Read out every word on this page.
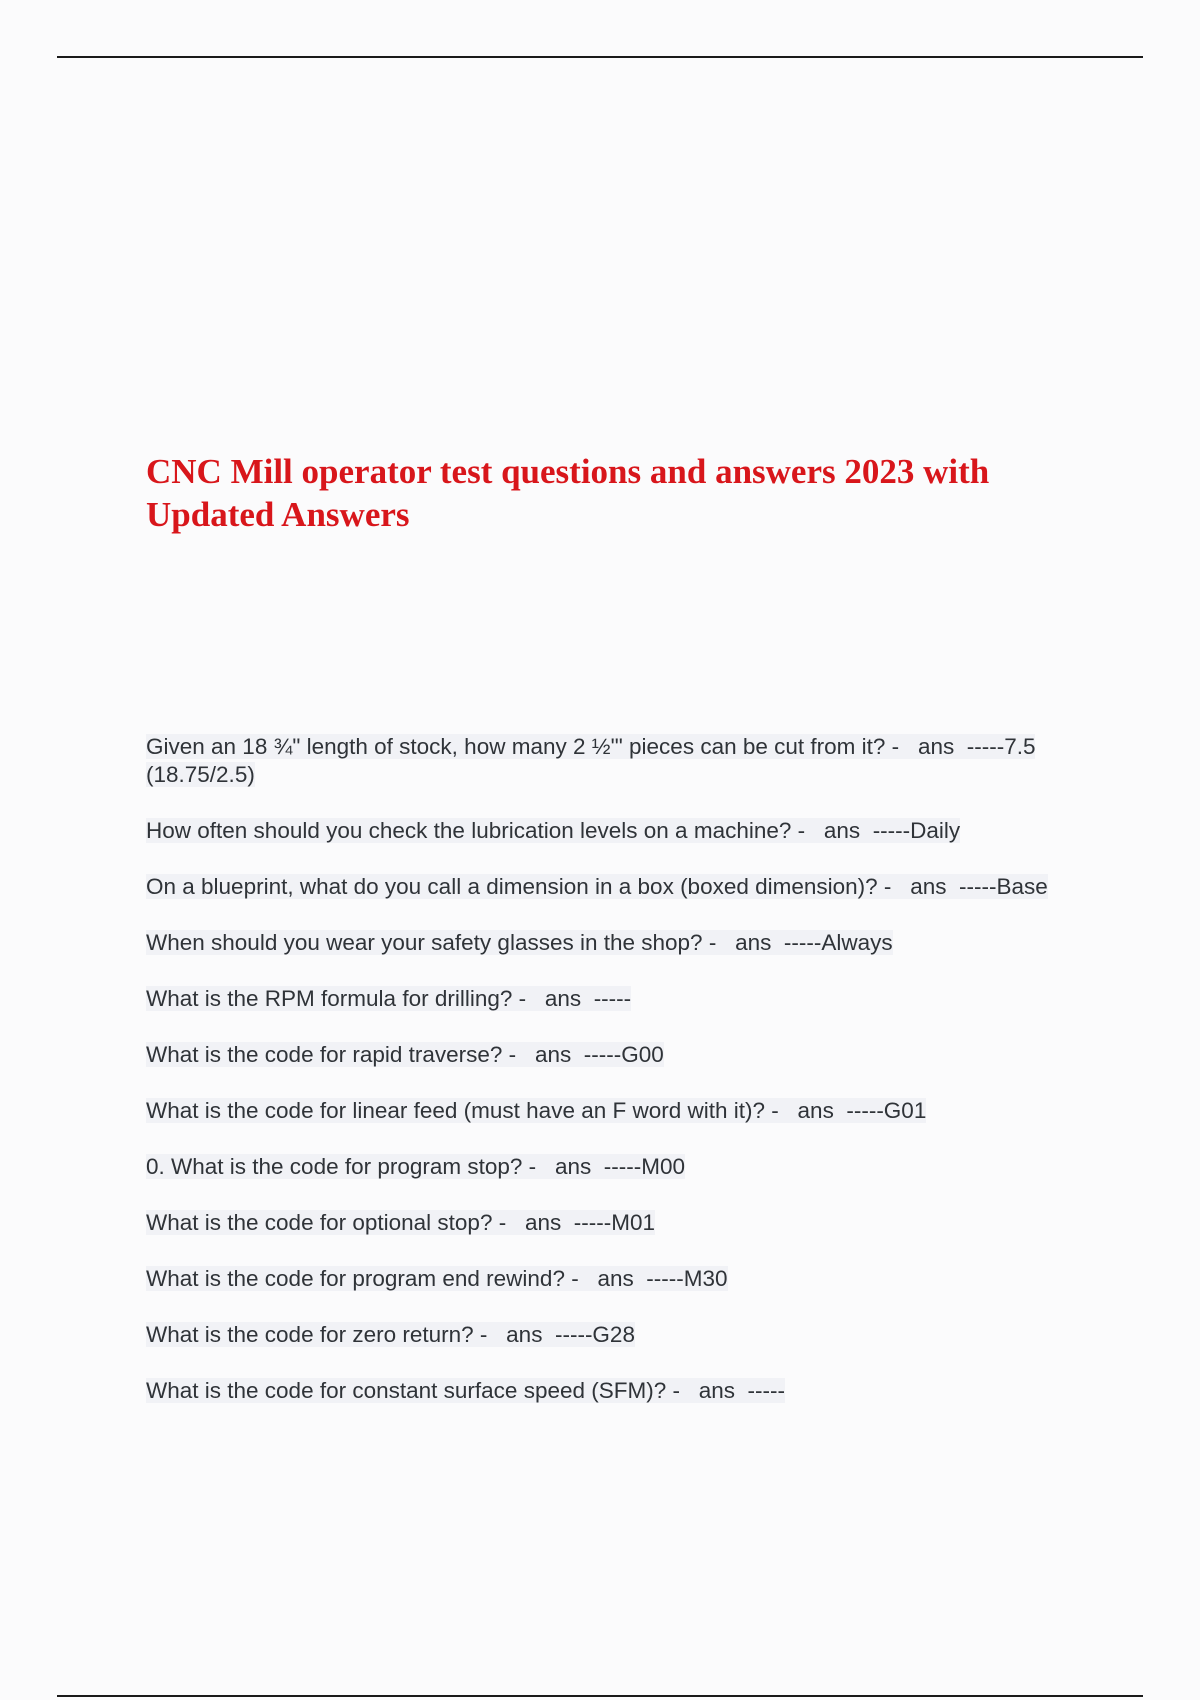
CNC Mill operator test questions and answers 2023 with Updated Answers
Given an 18 ¾" length of stock, how many 2 ½'" pieces can be cut from it? - ans -----7.5 (18.75/2.5)
How often should you check the lubrication levels on a machine? - ans -----Daily
On a blueprint, what do you call a dimension in a box (boxed dimension)? - ans -----Base
When should you wear your safety glasses in the shop? - ans -----Always
What is the RPM formula for drilling? - ans -----
What is the code for rapid traverse? - ans -----G00
What is the code for linear feed (must have an F word with it)? - ans -----G01
0. What is the code for program stop? - ans -----M00
What is the code for optional stop? - ans -----M01
What is the code for program end rewind? - ans -----M30
What is the code for zero return? - ans -----G28
What is the code for constant surface speed (SFM)? - ans -----
